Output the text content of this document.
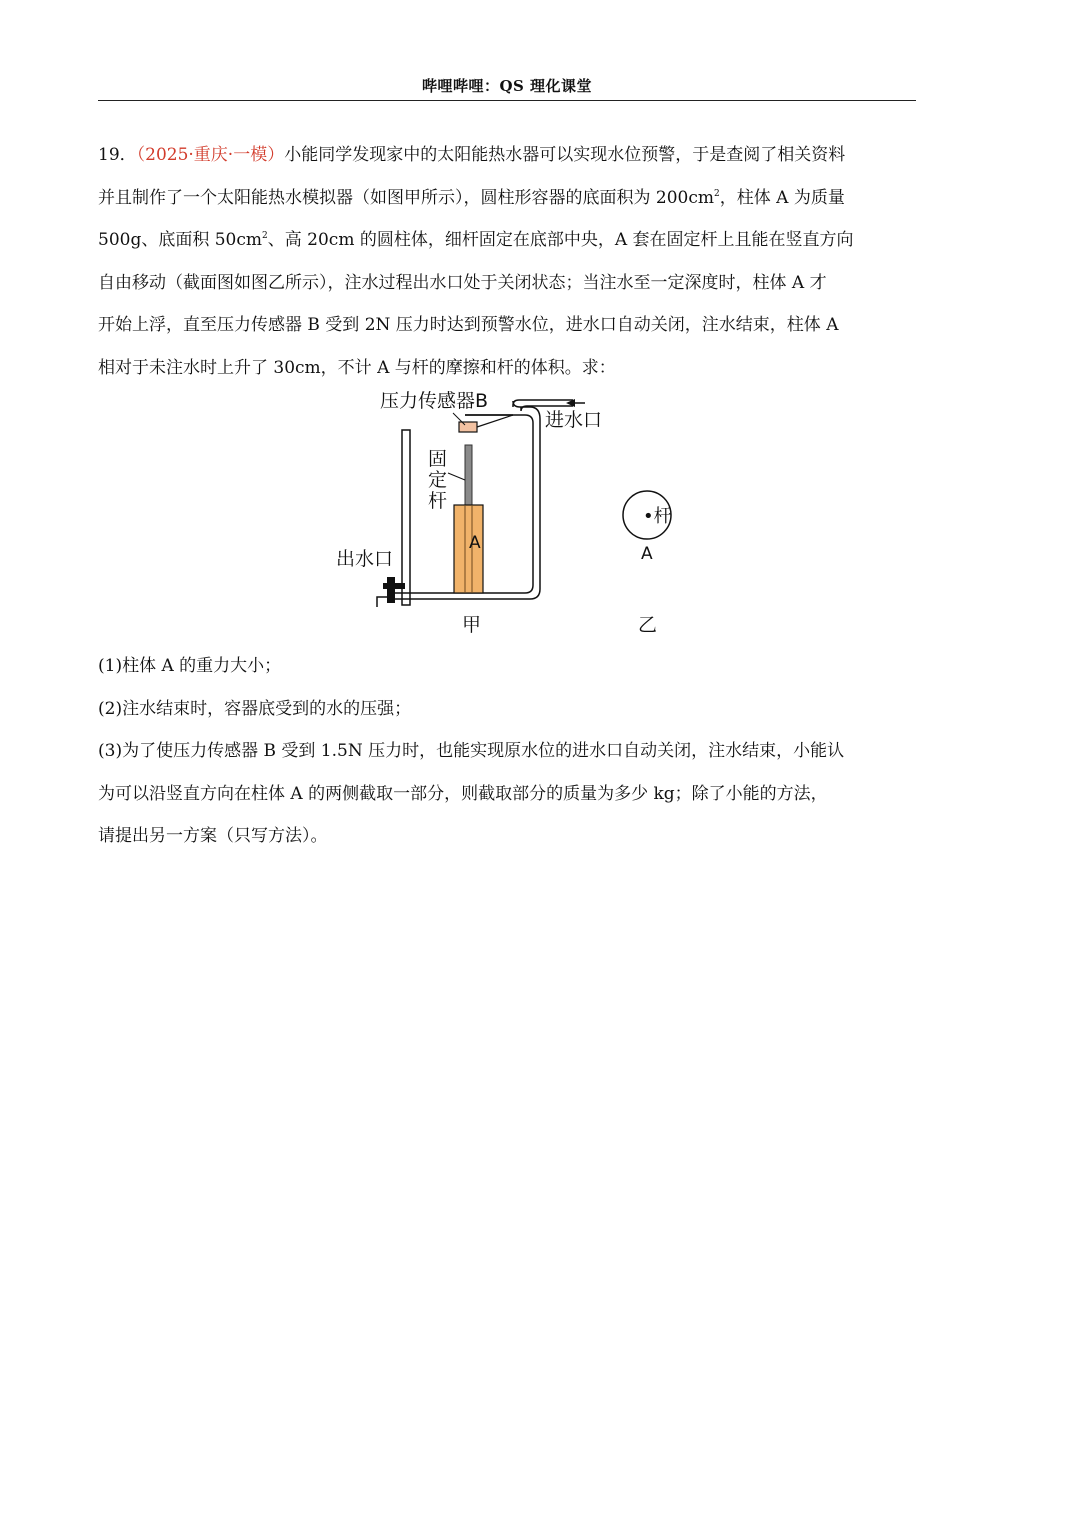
哔哩哔哩：QS 理化课堂

19．（2025·重庆·一模）小能同学发现家中的太阳能热水器可以实现水位预警，于是查阅了相关资料

并且制作了一个太阳能热水模拟器（如图甲所示），圆柱形容器的底面积为 $200cm^2$，柱体 A 为质量

500g、底面积 $50cm^2$、高 20cm 的圆柱体，细杆固定在底部中央，A 套在固定杆上且能在竖直方向

自由移动（截面图如图乙所示），注水过程出水口处于关闭状态；当注水至一定深度时，柱体 A 才

开始上浮，直至压力传感器 B 受到 2N 压力时达到预警水位，进水口自动关闭，注水结束，柱体 A

相对于未注水时上升了 30cm，不计 A 与杆的摩擦和杆的体积。求：

压力传感器B
进水口
固
定
杆
A
出水口
甲
•杆
A
乙

(1)柱体 A 的重力大小；

(2)注水结束时，容器底受到的水的压强；

(3)为了使压力传感器 B 受到 1.5N 压力时，也能实现原水位的进水口自动关闭，注水结束，小能认

为可以沿竖直方向在柱体 A 的两侧截取一部分，则截取部分的质量为多少 kg；除了小能的方法，

请提出另一方案（只写方法）。
